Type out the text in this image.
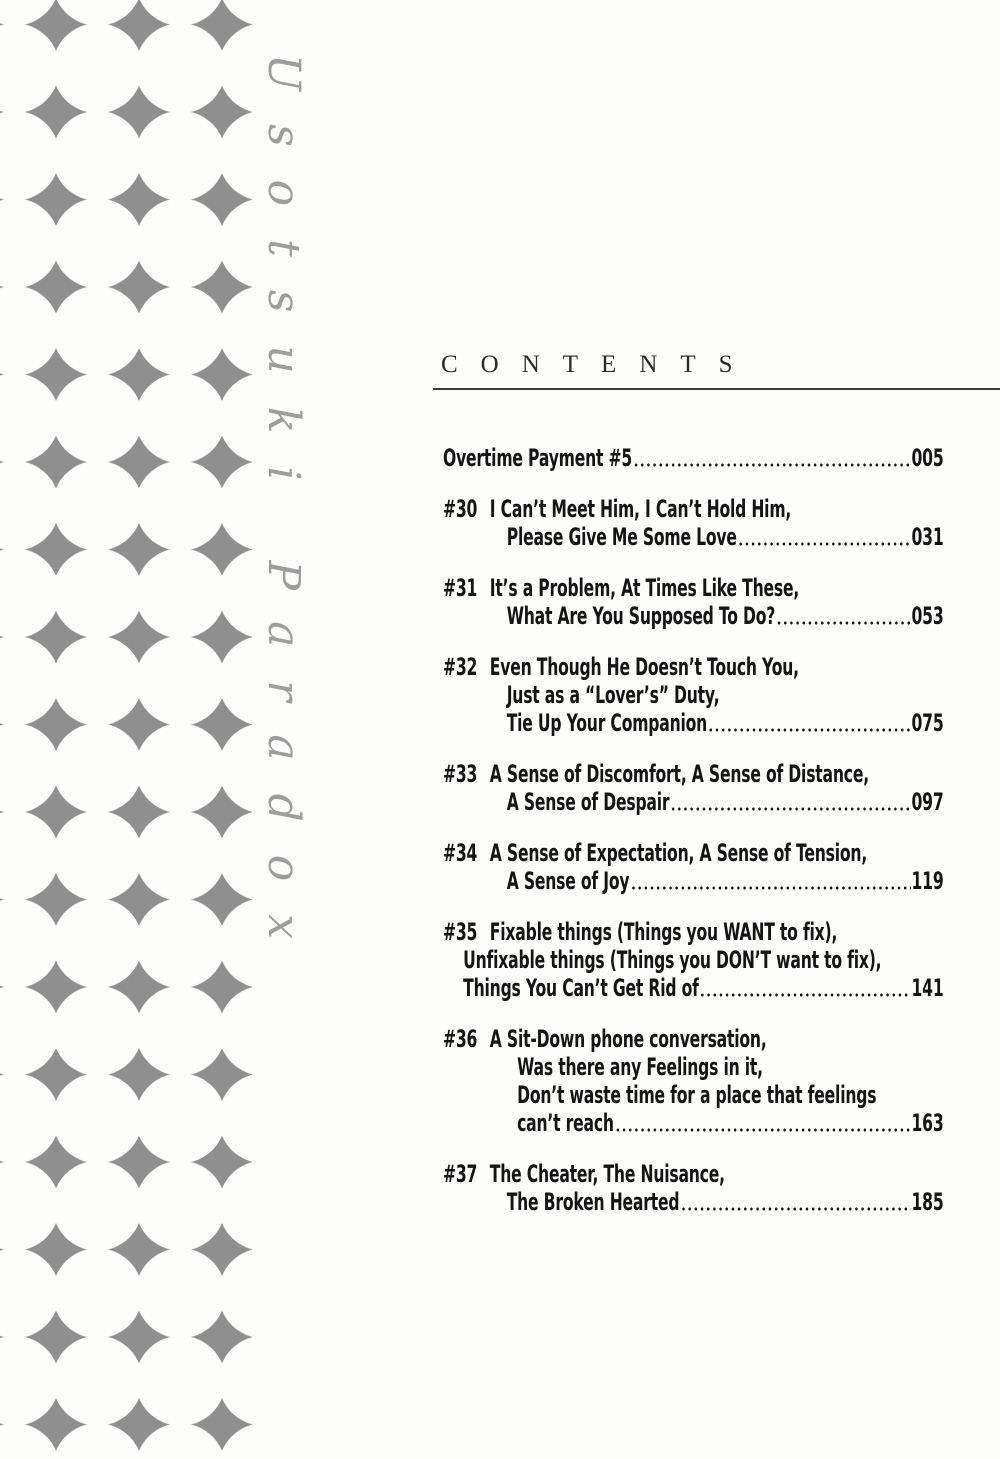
Usotsuki Paradox	CONTENTS
Overtime Payment #5	005
#30 I Can’t Meet Him, I Can’t Hold Him,
Please Give Me Some Love	031
#31 It’s a Problem, At Times Like These,
What Are You Supposed To Do?	053
#32 Even Though He Doesn’t Touch You,
Just as a “Lover’s” Duty,
Tie Up Your Companion	075
#33 A Sense of Discomfort, A Sense of Distance,
A Sense of Despair	097
#34 A Sense of Expectation, A Sense of Tension,
A Sense of Joy	119
#35 Fixable things (Things you WANT to fix),
Unfixable things (Things you DON’T want to fix),
Things You Can’t Get Rid of	141
#36 A Sit-Down phone conversation,
Was there any Feelings in it,
Don’t waste time for a place that feelings
can’t reach	163
#37 The Cheater, The Nuisance,
The Broken Hearted	185
